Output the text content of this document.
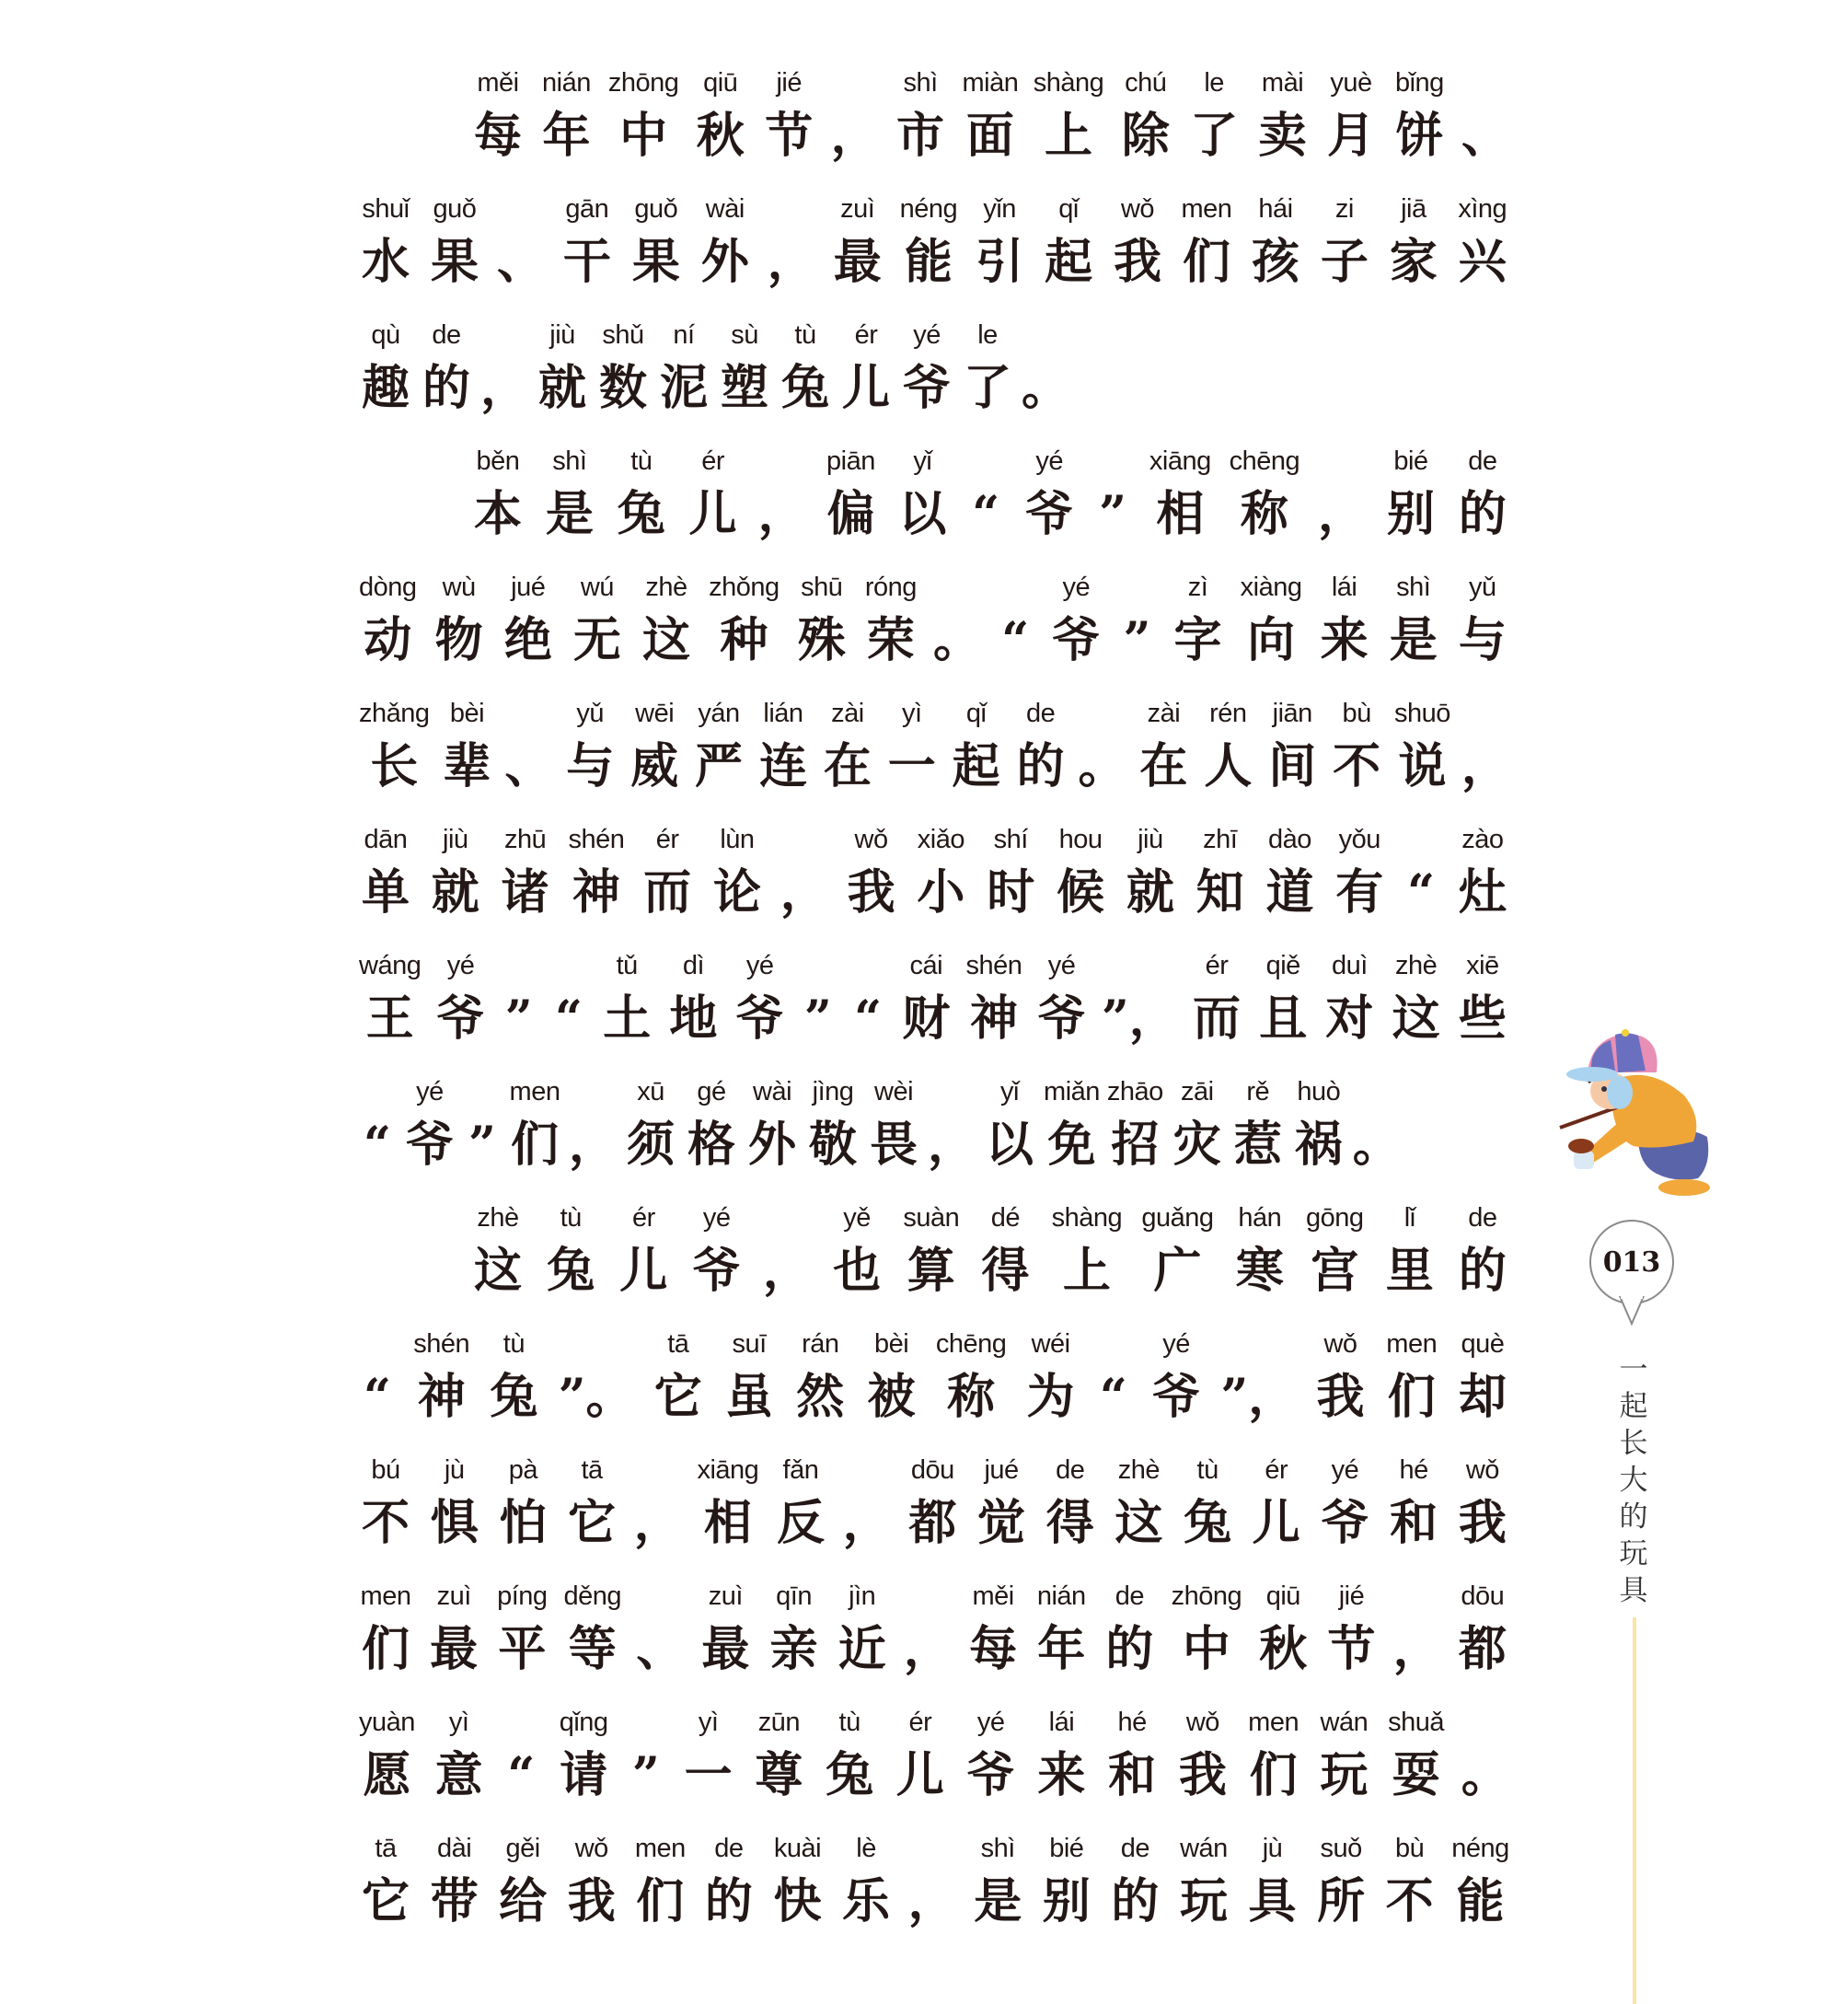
měi
每
nián
年
zhōng
中
qiū
秋
jié
节 ，
shì
市
miàn
面
shàng
上
chú
除
le
了
mài
卖
yuè
月
bǐng
饼 、
shuǐ
水
guǒ
果 、
gān
干
guǒ
果
wài
外 ，
zuì
最
néng
能
yǐn
引
qǐ
起
wǒ
我
men
们
hái
孩
zi
子
jiā
家
xìng
兴
qù
趣
de
的 ，
jiù
就
shǔ
数
ní
泥
sù
塑
tù
兔
ér
儿
yé
爷
le
了 。
běn
本
shì
是
tù
兔
ér
儿 ，
piān
偏
yǐ
以 “
yé
爷 ”
xiāng
相
chēng
称 ，
bié
别
de
的
dòng
动
wù
物
jué
绝
wú
无
zhè
这
zhǒng
种
shū
殊
róng
荣 。 “
yé
爷 ”
zì
字
xiàng
向
lái
来
shì
是
yǔ
与
zhǎng
长
bèi
辈 、
yǔ
与
wēi
威
yán
严
lián
连
zài
在
yì
一
qǐ
起
de
的 。
zài
在
rén
人
jiān
间
bù
不
shuō
说 ，
dān
单
jiù
就
zhū
诸
shén
神
ér
而
lùn
论 ，
wǒ
我
xiǎo
小
shí
时
hou
候
jiù
就
zhī
知
dào
道
yǒu
有 “
zào
灶
wáng
王
yé
爷 ” “
tǔ
土
dì
地
yé
爷 ” “
cái
财
shén
神
yé
爷 ”，
ér
而
qiě
且
duì
对
zhè
这
xiē
些
“
yé
爷 ”
men
们 ，
xū
须
gé
格
wài
外
jìng
敬
wèi
畏 ，
yǐ
以
miǎn
免
zhāo
招
zāi
灾
rě
惹
huò
祸 。
zhè
这
tù
兔
ér
儿
yé
爷 ，
yě
也
suàn
算
dé
得
shàng
上
guǎng
广
hán
寒
gōng
宫
lǐ
里
de
的
“
shén
神
tù
兔 ”。
tā
它
suī
虽
rán
然
bèi
被
chēng
称
wéi
为 “
yé
爷 ”，
wǒ
我
men
们
què
却
bú
不
jù
惧
pà
怕
tā
它 ，
xiāng
相
fǎn
反 ，
dōu
都
jué
觉
de
得
zhè
这
tù
兔
ér
儿
yé
爷
hé
和
wǒ
我
men
们
zuì
最
píng
平
děng
等 、
zuì
最
qīn
亲
jìn
近 ，
měi
每
nián
年
de
的
zhōng
中
qiū
秋
jié
节 ，
dōu
都
yuàn
愿
yì
意 “
qǐng
请 ”
yì
一
zūn
尊
tù
兔
ér
儿
yé
爷
lái
来
hé
和
wǒ
我
men
们
wán
玩
shuǎ
耍 。
tā
它
dài
带
gěi
给
wǒ
我
men
们
de
的
kuài
快
lè
乐 ，
shì
是
bié
别
de
的
wán
玩
jù
具
suǒ
所
bù
不
néng
能
013
一
起
长
大
的
玩
具
